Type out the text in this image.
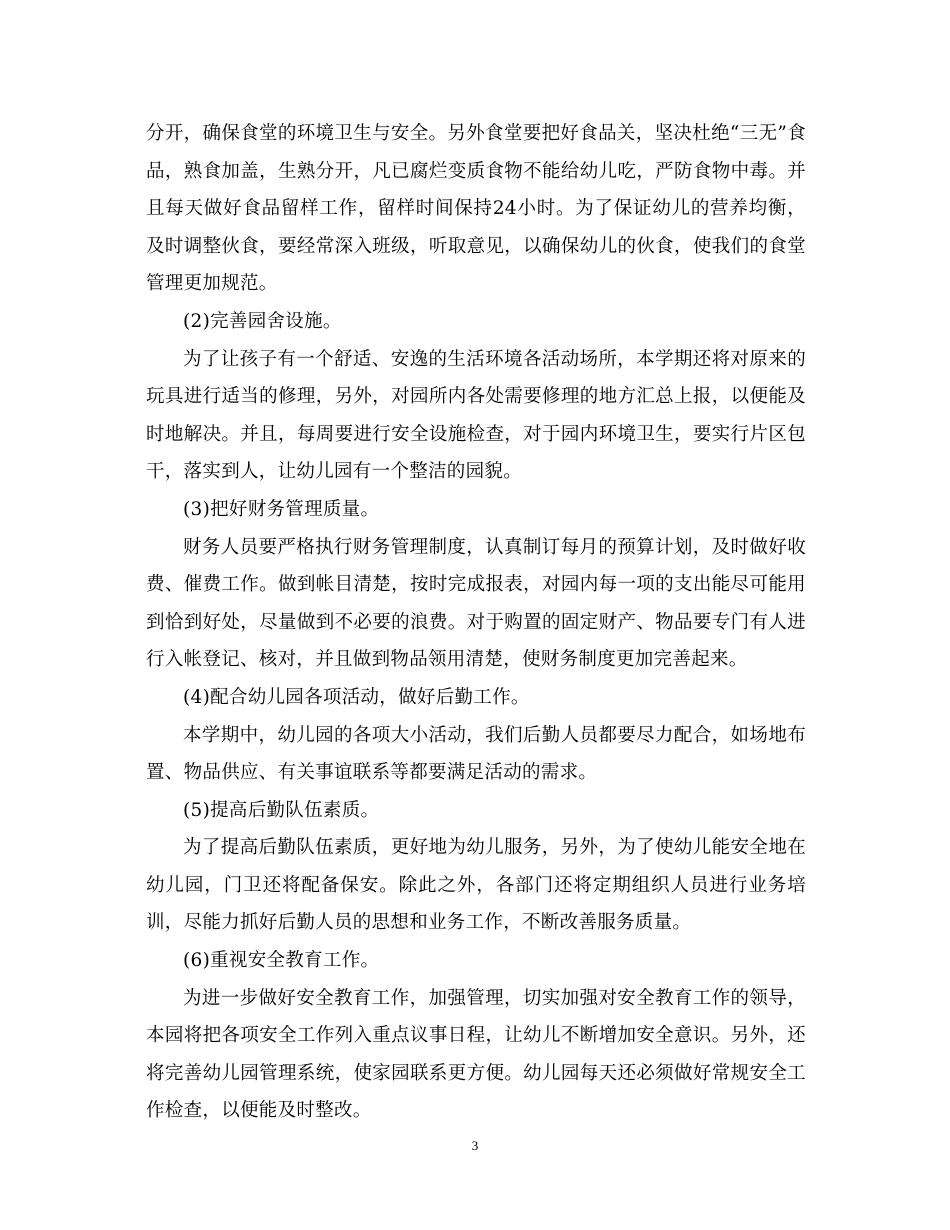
分开，确保食堂的环境卫生与安全。另外食堂要把好食品关，坚决杜绝“三无”食品，熟食加盖，生熟分开，凡已腐烂变质食物不能给幼儿吃，严防食物中毒。并且每天做好食品留样工作，留样时间保持24小时。为了保证幼儿的营养均衡，及时调整伙食，要经常深入班级，听取意见，以确保幼儿的伙食，使我们的食堂管理更加规范。

(2)完善园舍设施。

为了让孩子有一个舒适、安逸的生活环境各活动场所，本学期还将对原来的玩具进行适当的修理，另外，对园所内各处需要修理的地方汇总上报，以便能及时地解决。并且，每周要进行安全设施检查，对于园内环境卫生，要实行片区包干，落实到人，让幼儿园有一个整洁的园貌。

(3)把好财务管理质量。

财务人员要严格执行财务管理制度，认真制订每月的预算计划，及时做好收费、催费工作。做到帐目清楚，按时完成报表，对园内每一项的支出能尽可能用到恰到好处，尽量做到不必要的浪费。对于购置的固定财产、物品要专门有人进行入帐登记、核对，并且做到物品领用清楚，使财务制度更加完善起来。

(4)配合幼儿园各项活动，做好后勤工作。

本学期中，幼儿园的各项大小活动，我们后勤人员都要尽力配合，如场地布置、物品供应、有关事谊联系等都要满足活动的需求。

(5)提高后勤队伍素质。

为了提高后勤队伍素质，更好地为幼儿服务，另外，为了使幼儿能安全地在幼儿园，门卫还将配备保安。除此之外，各部门还将定期组织人员进行业务培训，尽能力抓好后勤人员的思想和业务工作，不断改善服务质量。

(6)重视安全教育工作。

为进一步做好安全教育工作，加强管理，切实加强对安全教育工作的领导，本园将把各项安全工作列入重点议事日程，让幼儿不断增加安全意识。另外，还将完善幼儿园管理系统，使家园联系更方便。幼儿园每天还必须做好常规安全工作检查，以便能及时整改。

3
